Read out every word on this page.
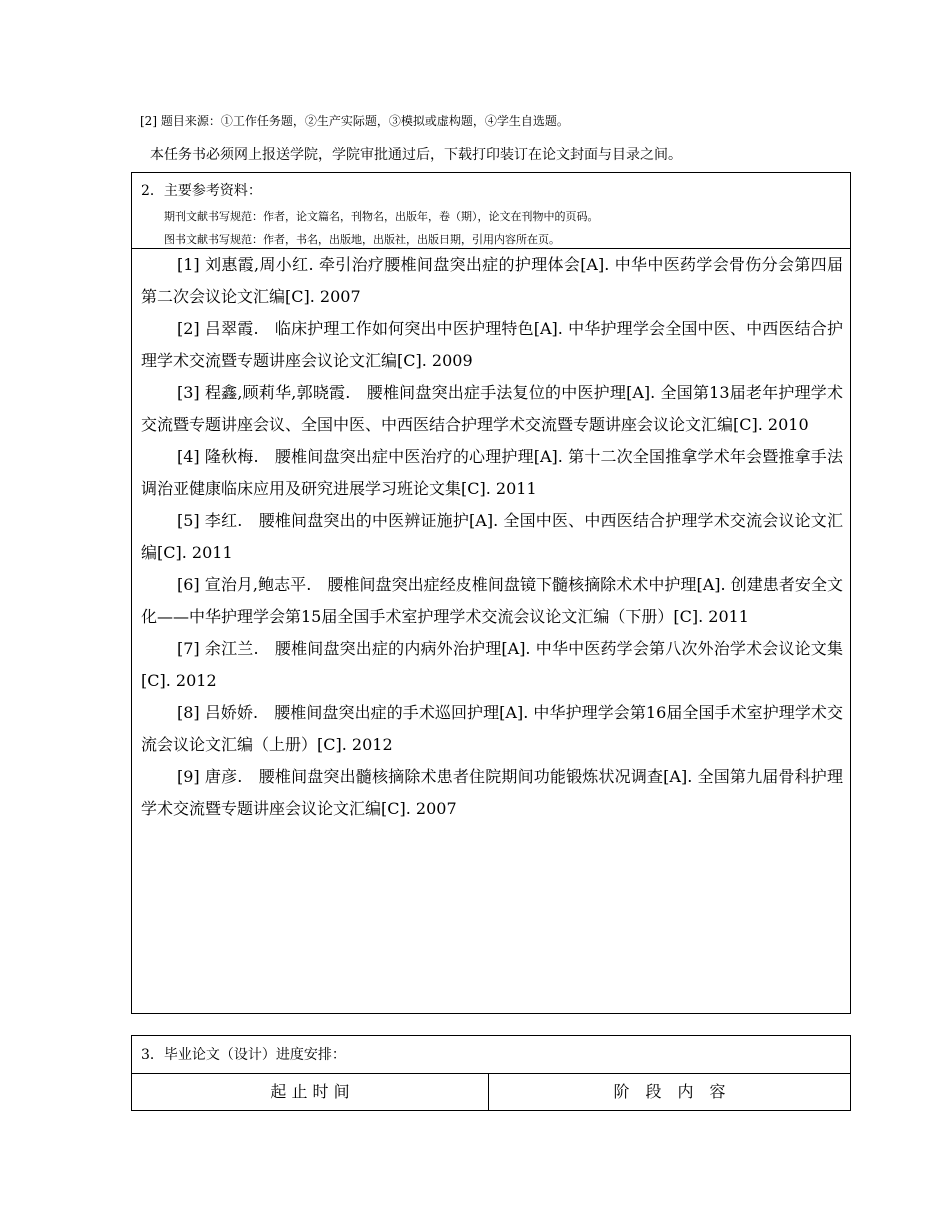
[2] 题目来源：①工作任务题，②生产实际题，③模拟或虚构题，④学生自选题。
本任务书必须网上报送学院，学院审批通过后，下载打印装订在论文封面与目录之间。
2．主要参考资料：
期刊文献书写规范：作者，论文篇名，刊物名，出版年，卷（期），论文在刊物中的页码。
图书文献书写规范：作者，书名，出版地，出版社，出版日期，引用内容所在页。
[1] 刘惠霞,周小红. 牵引治疗腰椎间盘突出症的护理体会[A]. 中华中医药学会骨伤分会第四届第二次会议论文汇编[C]. 2007
[2] 吕翠霞.　临床护理工作如何突出中医护理特色[A]. 中华护理学会全国中医、中西医结合护理学术交流暨专题讲座会议论文汇编[C]. 2009
[3] 程鑫,顾莉华,郭晓霞.　腰椎间盘突出症手法复位的中医护理[A]. 全国第13届老年护理学术交流暨专题讲座会议、全国中医、中西医结合护理学术交流暨专题讲座会议论文汇编[C]. 2010
[4] 隆秋梅.　腰椎间盘突出症中医治疗的心理护理[A]. 第十二次全国推拿学术年会暨推拿手法调治亚健康临床应用及研究进展学习班论文集[C]. 2011
[5] 李红.　腰椎间盘突出的中医辨证施护[A]. 全国中医、中西医结合护理学术交流会议论文汇编[C]. 2011
[6] 宣治月,鲍志平.　腰椎间盘突出症经皮椎间盘镜下髓核摘除术术中护理[A]. 创建患者安全文化——中华护理学会第15届全国手术室护理学术交流会议论文汇编（下册）[C]. 2011
[7] 余江兰.　腰椎间盘突出症的内病外治护理[A]. 中华中医药学会第八次外治学术会议论文集[C]. 2012
[8] 吕娇娇.　腰椎间盘突出症的手术巡回护理[A]. 中华护理学会第16届全国手术室护理学术交流会议论文汇编（上册）[C]. 2012
[9] 唐彦.　腰椎间盘突出髓核摘除术患者住院期间功能锻炼状况调查[A]. 全国第九届骨科护理学术交流暨专题讲座会议论文汇编[C]. 2007
3．毕业论文（设计）进度安排：
起 止 时 间	阶　段　内　容
